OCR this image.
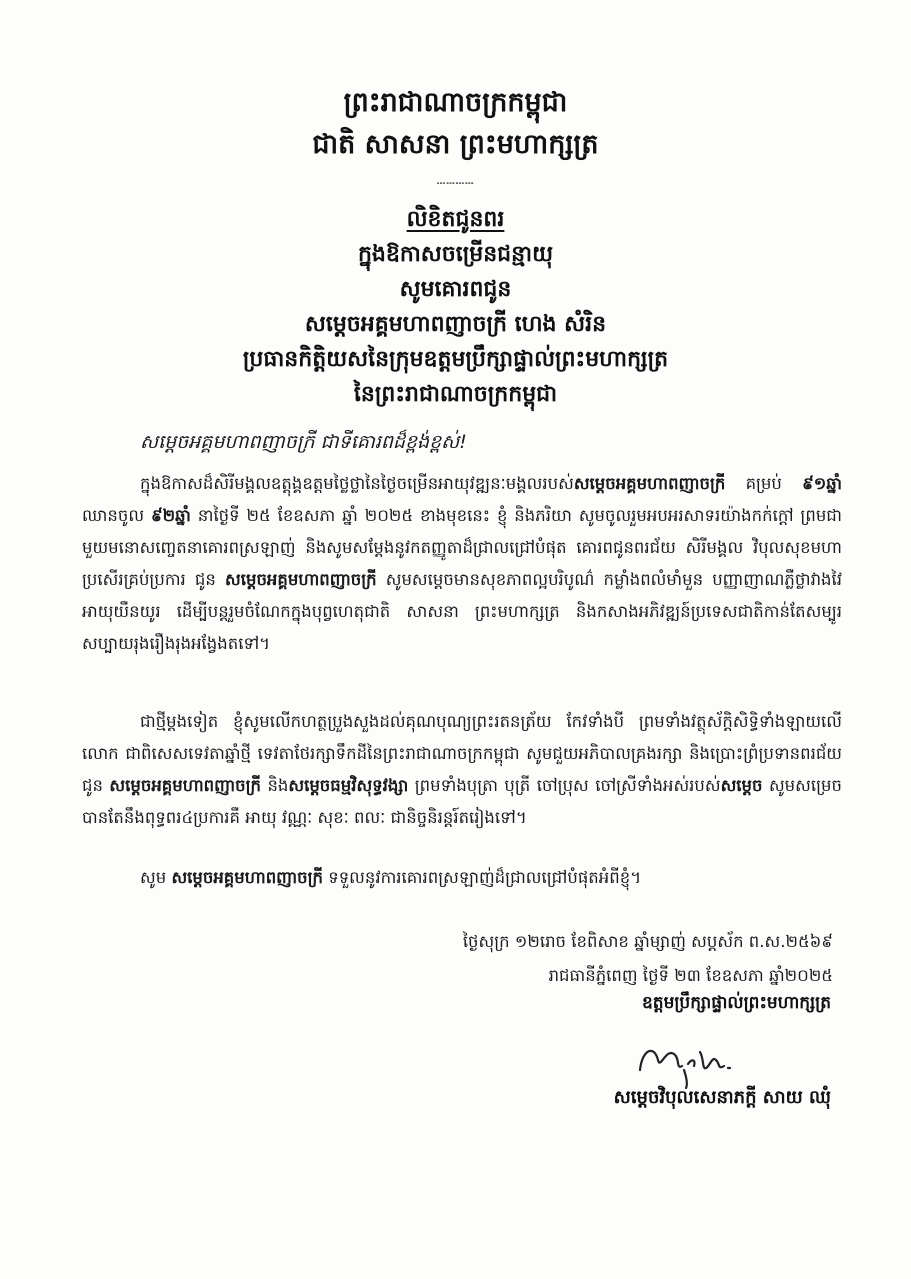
ព្រះរាជាណាចក្រកម្ពុជា
ជាតិ សាសនា ព្រះមហាក្សត្រ
┄┄┄┄
លិខិតជូនពរ
ក្នុងឱកាសចម្រើនជន្មាយុ
សូមគោរពជូន
សម្តេចអគ្គមហាពញាចក្រី ហេង សំរិន
ប្រធានកិត្តិយសនៃក្រុមឧត្តមប្រឹក្សាផ្ទាល់ព្រះមហាក្សត្រ
នៃព្រះរាជាណាចក្រកម្ពុជា
សម្តេចអគ្គមហាពញាចក្រី ជាទីគោរពដ៏ខ្ពង់ខ្ពស់!
ក្នុងឱកាសដ៏សិរីមង្គលឧត្តុង្គឧត្តមថ្លៃថ្លានៃថ្ងៃចម្រើនអាយុវឌ្ឍនៈមង្គលរបស់សម្តេចអគ្គមហាពញាចក្រី គម្រប់ ៩១ឆ្នាំ ឈានចូល ៩២ឆ្នាំ នាថ្ងៃទី ២៥ ខែឧសភា ឆ្នាំ ២០២៥ ខាងមុខនេះ ខ្ញុំ និងភរិយា សូមចូលរួមអបអរសាទរយ៉ាងកក់ក្តៅ ព្រមជាមួយមនោសញ្ចេតនាគោរពស្រឡាញ់ និងសូមសម្តែងនូវកតញ្ញូតាដ៏ជ្រាលជ្រៅបំផុត គោរពជូនពរជ័យ សិរីមង្គល វិបុលសុខមហាប្រសើរគ្រប់ប្រការ ជូន សម្តេចអគ្គមហាពញាចក្រី សូមសម្តេចមានសុខភាពល្អបរិបូណ៌ កម្លាំងពលំមាំមួន បញ្ញាញាណភ្លឺថ្លាវាងវៃ អាយុយឺនយូរ ដើម្បីបន្តរួមចំណែកក្នុងបុព្វហេតុជាតិ សាសនា ព្រះមហាក្សត្រ និងកសាងអភិវឌ្ឍន៍ប្រទេសជាតិកាន់តែសម្បូរសប្បាយរុងរឿងរុងអង្វែងតទៅ។
ជាថ្មីម្តងទៀត ខ្ញុំសូមលើកហត្ថប្រួងសួងដល់គុណបុណ្យព្រះរតនត្រ័យ កែវទាំងបី ព្រមទាំងវត្ថុស័ក្តិសិទ្ធិទាំងឡាយលើលោក ជាពិសេសទេវតាឆ្នាំថ្មី ទេវតាថែរក្សាទឹកដីនៃព្រះរាជាណាចក្រកម្ពុជា សូមជួយអភិបាលគ្រងរក្សា និងប្រោះព្រំប្រទានពរជ័យ ជូន សម្តេចអគ្គមហាពញាចក្រី និងសម្តេចធម្មវិសុទ្ធវង្សា ព្រមទាំងបុត្រា បុត្រី ចៅប្រុស ចៅស្រីទាំងអស់របស់សម្តេច សូមសម្រេចបានតែនឹងពុទ្ធពរ៤ប្រការគឺ អាយុ វណ្ណៈ សុខៈ ពលៈ ជានិច្ចនិរន្តរ៍តរៀងទៅ។
សូម សម្តេចអគ្គមហាពញាចក្រី ទទួលនូវការគោរពស្រឡាញ់ដ៏ជ្រាលជ្រៅបំផុតអំពីខ្ញុំ។
ថ្ងៃសុក្រ ១២រោច ខែពិសាខ ឆ្នាំម្សាញ់ សប្តស័ក ព.ស.២៥៦៩
រាជធានីភ្នំពេញ ថ្ងៃទី ២៣ ខែឧសភា ឆ្នាំ២០២៥
ឧត្តមប្រឹក្សាផ្ទាល់ព្រះមហាក្សត្រ
សម្តេចវិបុលសេនាភក្តី សាយ ឈុំ
